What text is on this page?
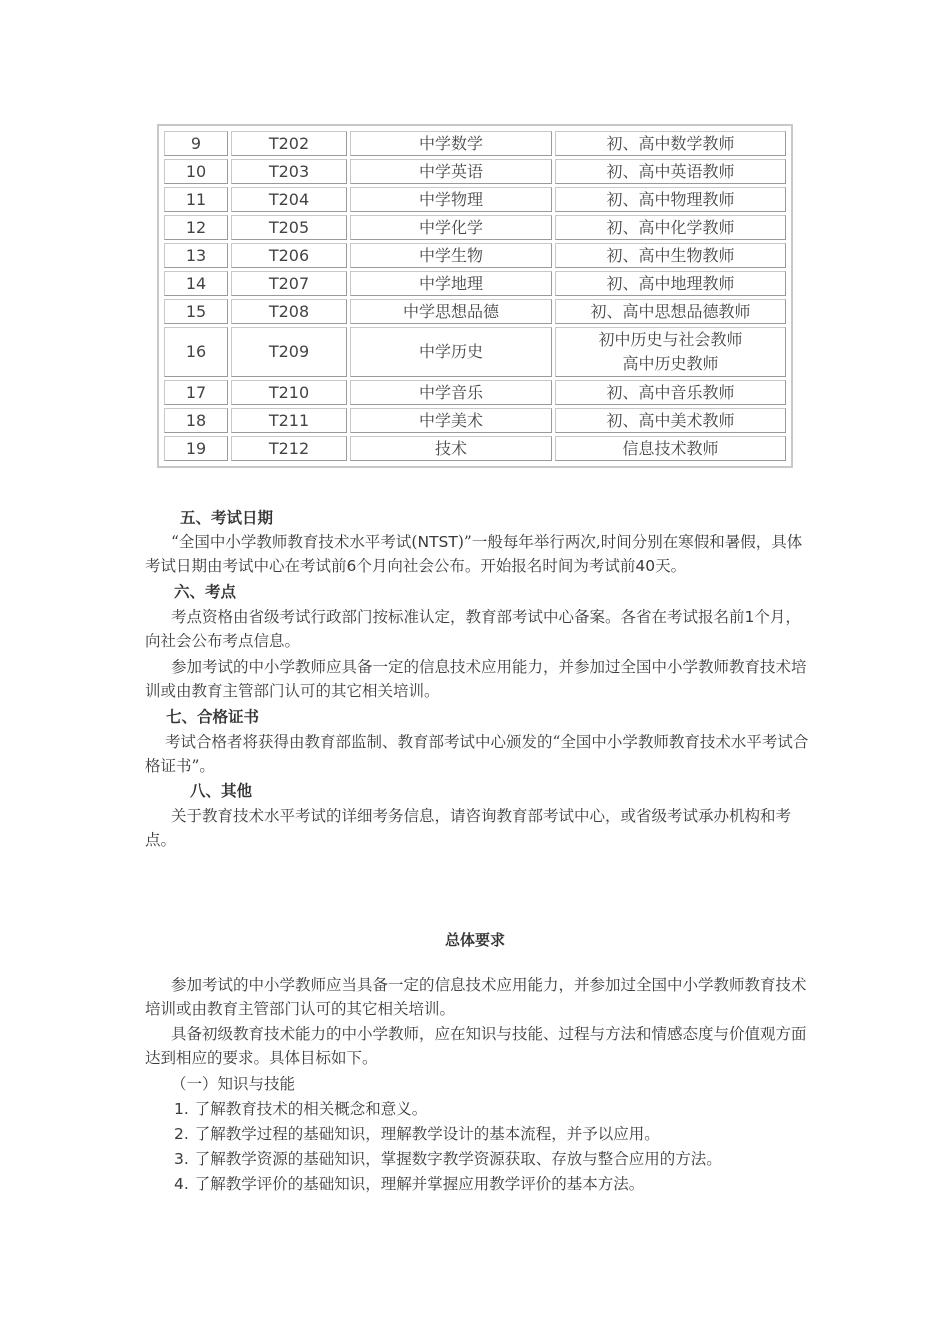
9	T202	中学数学	初、高中数学教师
10	T203	中学英语	初、高中英语教师
11	T204	中学物理	初、高中物理教师
12	T205	中学化学	初、高中化学教师
13	T206	中学生物	初、高中生物教师
14	T207	中学地理	初、高中地理教师
15	T208	中学思想品德	初、高中思想品德教师
16	T209	中学历史	初中历史与社会教师
高中历史教师

17	T210	中学音乐	初、高中音乐教师
18	T211	中学美术	初、高中美术教师
19	T212	技术	信息技术教师
五、考试日期
“全国中小学教师教育技术水平考试(NTST)”一般每年举行两次,时间分别在寒假和暑假，具体考试日期由考试中心在考试前6个月向社会公布。开始报名时间为考试前40天。
六、考点
考点资格由省级考试行政部门按标准认定，教育部考试中心备案。各省在考试报名前1个月，向社会公布考点信息。
参加考试的中小学教师应具备一定的信息技术应用能力，并参加过全国中小学教师教育技术培训或由教育主管部门认可的其它相关培训。
七、合格证书
考试合格者将获得由教育部监制、教育部考试中心颁发的“全国中小学教师教育技术水平考试合格证书”。
八、其他
关于教育技术水平考试的详细考务信息，请咨询教育部考试中心，或省级考试承办机构和考点。
总体要求
参加考试的中小学教师应当具备一定的信息技术应用能力，并参加过全国中小学教师教育技术培训或由教育主管部门认可的其它相关培训。
具备初级教育技术能力的中小学教师，应在知识与技能、过程与方法和情感态度与价值观方面达到相应的要求。具体目标如下。
（一）知识与技能
1. 了解教育技术的相关概念和意义。
2. 了解教学过程的基础知识，理解教学设计的基本流程，并予以应用。
3. 了解教学资源的基础知识，掌握数字教学资源获取、存放与整合应用的方法。
4. 了解教学评价的基础知识，理解并掌握应用教学评价的基本方法。
